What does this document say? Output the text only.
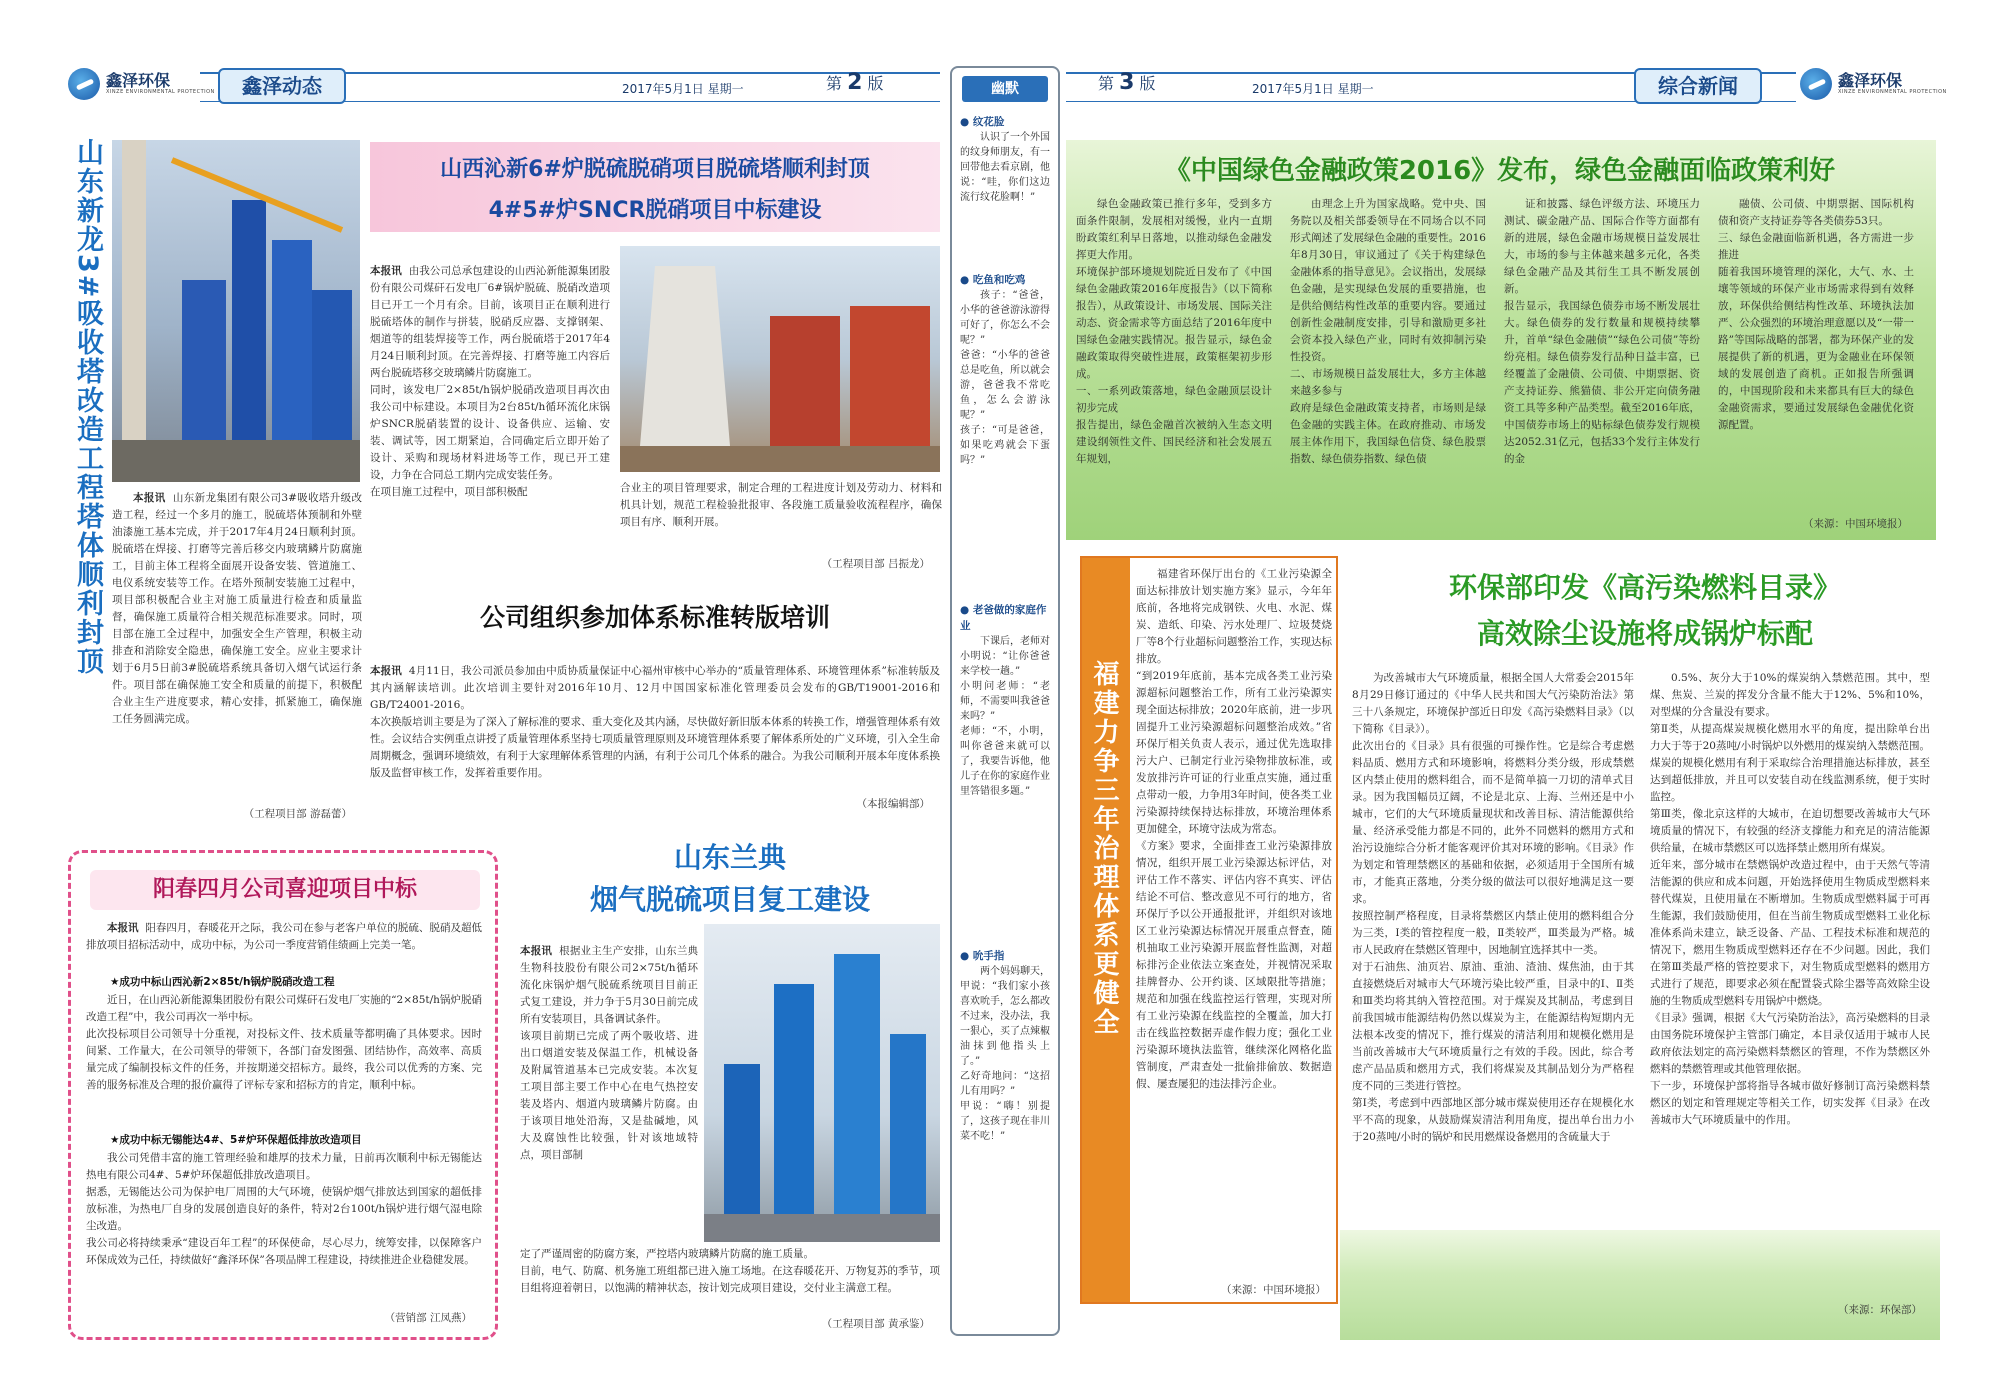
鑫泽环保
XINZE ENVIRONMENTAL PROTECTION	鑫泽动态	2017年5月1日 星期一	第 2 版	鑫泽环保
XINZE ENVIRONMENTAL PROTECTION
综合新闻
2017年5月1日 星期一
第 3 版
幽默
● 纹花脸
认识了一个外国的纹身师朋友，有一回带他去看京剧，他说：“哇，你们这边流行纹花脸啊！”
● 吃鱼和吃鸡
孩子：“爸爸，小华的爸爸游泳游得可好了，你怎么不会呢？”
爸爸：“小华的爸爸总是吃鱼，所以就会游，爸爸我不常吃鱼，怎么会游泳呢？”
孩子：“可是爸爸，如果吃鸡就会下蛋吗？”
● 老爸做的家庭作业
下课后，老师对小明说：“让你爸爸来学校一趟。”
小明问老师：“老师，不需要叫我爸爸来吗？”
老师：“不，小明，叫你爸爸来就可以了，我要告诉他，他儿子在你的家庭作业里答错很多题。”
● 吮手指
两个妈妈聊天，甲说：“我们家小孩喜欢吮手，怎么都改不过来，没办法，我一狠心，买了点辣椒油抹到他指头上了。”
乙好奇地问：“这招儿有用吗？”
甲说：“嗨！别提了，这孩子现在非川菜不吃！”
山东新龙3#吸收塔改造工程塔体顺利封顶	本报讯 山东新龙集团有限公司3#吸收塔升级改造工程，经过一个多月的施工，脱硫塔体预制和外壁油漆施工基本完成，并于2017年4月24日顺利封顶。脱硫塔在焊接、打磨等完善后移交内玻璃鳞片防腐施工，目前主体工程将全面展开设备安装、管道施工、电仪系统安装等工作。在塔外预制安装施工过程中，项目部积极配合业主对施工质量进行检查和质量监督，确保施工质量符合相关规范标准要求。同时，项目部在施工全过程中，加强安全生产管理，积极主动排查和消除安全隐患，确保施工安全。应业主要求计划于6月5日前3#脱硫塔系统具备切入烟气试运行条件。项目部在确保施工安全和质量的前提下，积极配合业主生产进度要求，精心安排，抓紧施工，确保施工任务圆满完成。
（工程项目部 游磊蕾）
山西沁新6#炉脱硫脱硝项目脱硫塔顺利封顶
4#5#炉SNCR脱硝项目中标建设

本报讯 由我公司总承包建设的山西沁新能源集团股份有限公司煤矸石发电厂6#锅炉脱硫、脱硝改造项目已开工一个月有余。目前，该项目正在顺利进行脱硫塔体的制作与拼装，脱硝反应器、支撑钢架、烟道等的组装焊接等工作，两台脱硫塔于2017年4月24日顺利封顶。在完善焊接、打磨等施工内容后两台脱硫塔移交玻璃鳞片防腐施工。
同时，该发电厂2×85t/h锅炉脱硝改造项目再次由我公司中标建设。本项目为2台85t/h循环流化床锅炉SNCR脱硝装置的设计、设备供应、运输、安装、调试等，因工期紧迫，合同确定后立即开始了设计、采购和现场材料进场等工作，现已开工建设，力争在合同总工期内完成安装任务。
在项目施工过程中，项目部积极配	合业主的项目管理要求，制定合理的工程进度计划及劳动力、材料和机具计划，规范工程检验批报审、各段施工质量验收流程程序，确保项目有序、顺利开展。
（工程项目部 吕振龙）
公司组织参加体系标准转版培训

本报讯 4月11日，我公司派员参加由中质协质量保证中心福州审核中心举办的“质量管理体系、环境管理体系”标准转版及其内涵解读培训。此次培训主要针对2016年10月、12月中国国家标准化管理委员会发布的GB/T19001-2016和GB/T24001-2016。
本次换版培训主要是为了深入了解标准的要求、重大变化及其内涵，尽快做好新旧版本体系的转换工作，增强管理体系有效性。会议结合实例重点讲授了质量管理体系坚持七项质量管理原则及环境管理体系要了解体系所处的广义环境，引入全生命周期概念，强调环境绩效，有利于大家理解体系管理的内涵，有利于公司几个体系的融合。为我公司顺利开展本年度体系换版及监督审核工作，发挥着重要作用。

（本报编辑部）
阳春四月公司喜迎项目中标
本报讯 阳春四月，春暖花开之际，我公司在参与老客户单位的脱硫、脱硝及超低排放项目招标活动中，成功中标，为公司一季度营销佳绩画上完美一笔。
★成功中标山西沁新2×85t/h锅炉脱硝改造工程
近日，在山西沁新能源集团股份有限公司煤矸石发电厂实施的“2×85t/h锅炉脱硝改造工程”中，我公司再次一举中标。
此次投标项目公司领导十分重视，对投标文件、技术质量等都明确了具体要求。因时间紧、工作量大，在公司领导的带领下，各部门奋发图强、团结协作，高效率、高质量完成了编制投标文件的任务，并按期递交招标方。最终，我公司以优秀的方案、完善的服务标准及合理的报价赢得了评标专家和招标方的肯定，顺利中标。
★成功中标无锡能达4#、5#炉环保超低排放改造项目
我公司凭借丰富的施工管理经验和雄厚的技术力量，日前再次顺利中标无锡能达热电有限公司4#、5#炉环保超低排放改造项目。
据悉，无锡能达公司为保护电厂周围的大气环境，使锅炉烟气排放达到国家的超低排放标准，为热电厂自身的发展创造良好的条件，特对2台100t/h锅炉进行烟气湿电除尘改造。
我公司必将持续秉承“建设百年工程”的环保使命，尽心尽力，统筹安排，以保障客户环保成效为己任，持续做好“鑫泽环保”各项品牌工程建设，持续推进企业稳健发展。
（营销部 江凤燕）
山东兰典
烟气脱硫项目复工建设

本报讯 根据业主生产安排，山东兰典生物科技股份有限公司2×75t/h循环流化床锅炉烟气脱硫系统项目目前正式复工建设，并力争于5月30日前完成所有安装项目，具备调试条件。
该项目前期已完成了两个吸收塔、进出口烟道安装及保温工作，机械设备及附属管道基本已完成安装。本次复工项目部主要工作中心在电气热控安装及塔内、烟道内玻璃鳞片防腐。由于该项目地处沿海，又是盐碱地，风大及腐蚀性比较强，针对该地域特点，项目部制

定了严谨周密的防腐方案，严控塔内玻璃鳞片防腐的施工质量。
目前，电气、防腐、机务施工班组都已进入施工场地。在这春暖花开、万物复苏的季节，项目组将迎着朝日，以饱满的精神状态，按计划完成项目建设，交付业主满意工程。
（工程项目部 黄承鉴）
《中国绿色金融政策2016》发布，绿色金融面临政策利好
绿色金融政策已推行多年，受到多方面条件限制，发展相对缓慢，业内一直期盼政策红利早日落地，以推动绿色金融发挥更大作用。
环境保护部环境规划院近日发布了《中国绿色金融政策2016年度报告》（以下简称报告），从政策设计、市场发展、国际关注动态、资金需求等方面总结了2016年度中国绿色金融实践情况。报告显示，绿色金融政策取得突破性进展，政策框架初步形成。
一、一系列政策落地，绿色金融顶层设计初步完成
报告提出，绿色金融首次被纳入生态文明建设纲领性文件、国民经济和社会发展五年规划，
由理念上升为国家战略。党中央、国务院以及相关部委领导在不同场合以不同形式阐述了发展绿色金融的重要性。2016年8月30日，审议通过了《关于构建绿色金融体系的指导意见》。会议指出，发展绿色金融，是实现绿色发展的重要措施，也是供给侧结构性改革的重要内容。要通过创新性金融制度安排，引导和激励更多社会资本投入绿色产业，同时有效抑制污染性投资。
二、市场规模日益发展壮大，多方主体越来越多参与
政府是绿色金融政策支持者，市场则是绿色金融的实践主体。在政府推动、市场发展主体作用下，我国绿色信贷、绿色股票指数、绿色债券指数、绿色债
证和披露、绿色评级方法、环境压力测试、碳金融产品、国际合作等方面都有新的进展，绿色金融市场规模日益发展壮大，市场的参与主体越来越多元化，各类绿色金融产品及其衍生工具不断发展创新。
报告显示，我国绿色债券市场不断发展壮大。绿色债券的发行数量和规模持续攀升，首单“绿色金融债”“绿色公司债”等纷纷亮相。绿色债券发行品种日益丰富，已经覆盖了金融债、公司债、中期票据、资产支持证券、熊猫债、非公开定向债务融资工具等多种产品类型。截至2016年底，中国债券市场上的贴标绿色债券发行规模达2052.31亿元，包括33个发行主体发行的金
融债、公司债、中期票据、国际机构债和资产支持证券等各类债券53只。
三、绿色金融面临新机遇，各方需进一步推进
随着我国环境管理的深化，大气、水、土壤等领域的环保产业市场需求得到有效释放，环保供给侧结构性改革、环境执法加严、公众强烈的环境治理意愿以及“一带一路”等国际战略的部署，都为环保产业的发展提供了新的机遇，更为金融业在环保领域的发展创造了商机。正如报告所强调的，中国现阶段和未来都具有巨大的绿色金融资需求，要通过发展绿色金融优化资源配置。
（来源：中国环境报）
福建力争三年治理体系更健全
福建省环保厅出台的《工业污染源全面达标排放计划实施方案》显示，今年年底前，各地将完成钢铁、火电、水泥、煤炭、造纸、印染、污水处理厂、垃圾焚烧厂等8个行业超标问题整治工作，实现达标排放。
“到2019年底前，基本完成各类工业污染源超标问题整治工作，所有工业污染源实现全面达标排放；2020年底前，进一步巩固提升工业污染源超标问题整治成效。”省环保厅相关负责人表示，通过优先选取排污大户、已制定行业污染物排放标准，或发放排污许可证的行业重点实施，通过重点带动一般，力争用3年时间，使各类工业污染源持续保持达标排放，环境治理体系更加健全，环境守法成为常态。
《方案》要求，全面排查工业污染源排放情况，组织开展工业污染源达标评估，对评估工作不落实、评估内容不真实、评估结论不可信、整改意见不可行的地方，省环保厅予以公开通报批评，并组织对该地区工业污染源达标情况开展重点督查，随机抽取工业污染源开展监督性监测，对超标排污企业依法立案查处，并视情况采取挂牌督办、公开约谈、区域限批等措施；规范和加强在线监控运行管理，实现对所有工业污染源在线监控的全覆盖，加大打击在线监控数据弄虚作假力度；强化工业污染源环境执法监管，继续深化网格化监管制度，严肃查处一批偷排偷放、数据造假、屡查屡犯的违法排污企业。
（来源：中国环境报）
环保部印发《高污染燃料目录》
高效除尘设施将成锅炉标配
为改善城市大气环境质量，根据全国人大常委会2015年8月29日修订通过的《中华人民共和国大气污染防治法》第三十八条规定，环境保护部近日印发《高污染燃料目录》（以下简称《目录》）。
此次出台的《目录》具有很强的可操作性。它是综合考虑燃料品质、燃用方式和环境影响，将燃料分类分级，形成禁燃区内禁止使用的燃料组合，而不是简单搞一刀切的清单式目录。因为我国幅员辽阔，不论是北京、上海、兰州还是中小城市，它们的大气环境质量现状和改善目标、清洁能源供给量、经济承受能力都是不同的，此外不同燃料的燃用方式和治污设施综合分析才能客观评价其对环境的影响。《目录》作为划定和管理禁燃区的基础和依据，必须适用于全国所有城市，才能真正落地，分类分级的做法可以很好地满足这一要求。
按照控制严格程度，目录将禁燃区内禁止使用的燃料组合分为三类，Ⅰ类的管控程度一般，Ⅱ类较严，Ⅲ类最为严格。城市人民政府在禁燃区管理中，因地制宜选择其中一类。
对于石油焦、油页岩、原油、重油、渣油、煤焦油，由于其直接燃烧后对城市大气环境污染比较严重，目录中的Ⅰ、Ⅱ类和Ⅲ类均将其纳入管控范围。对于煤炭及其制品，考虑到目前我国城市能源结构仍然以煤炭为主，在能源结构短期内无法根本改变的情况下，推行煤炭的清洁利用和规模化燃用是当前改善城市大气环境质量行之有效的手段。因此，综合考虑产品品质和燃用方式，我们将煤炭及其制品划分为严格程度不同的三类进行管控。
第Ⅰ类，考虑到中西部地区部分城市煤炭使用还存在规模化水平不高的现象，从鼓励煤炭清洁利用角度，提出单台出力小于20蒸吨/小时的锅炉和民用燃煤设备燃用的含硫量大于
0.5%、灰分大于10%的煤炭纳入禁燃范围。其中，型煤、焦炭、兰炭的挥发分含量不能大于12%、5%和10%，对型煤的分含量没有要求。
第Ⅱ类，从提高煤炭规模化燃用水平的角度，提出除单台出力大于等于20蒸吨/小时锅炉以外燃用的煤炭纳入禁燃范围。煤炭的规模化燃用有利于采取综合治理措施达标排放，甚至达到超低排放，并且可以安装自动在线监测系统，便于实时监控。
第Ⅲ类，像北京这样的大城市，在迫切想要改善城市大气环境质量的情况下，有较强的经济支撑能力和充足的清洁能源供给量，在城市禁燃区可以选择禁止燃用所有煤炭。
近年来，部分城市在禁燃锅炉改造过程中，由于天然气等清洁能源的供应和成本问题，开始选择使用生物质成型燃料来替代煤炭，且使用量在不断增加。生物质成型燃料属于可再生能源，我们鼓励使用，但在当前生物质成型燃料工业化标准体系尚未建立，缺乏设备、产品、工程技术标准和规范的情况下，燃用生物质成型燃料还存在不少问题。因此，我们在第Ⅲ类最严格的管控要求下，对生物质成型燃料的燃用方式进行了规范，即要求必须在配置袋式除尘器等高效除尘设施的生物质成型燃料专用锅炉中燃烧。
《目录》强调，根据《大气污染防治法》，高污染燃料的目录由国务院环境保护主管部门确定，本目录仅适用于城市人民政府依法划定的高污染燃料禁燃区的管理，不作为禁燃区外燃料的禁燃管理或其他管理依据。
下一步，环境保护部将指导各城市做好修制订高污染燃料禁燃区的划定和管理规定等相关工作，切实发挥《目录》在改善城市大气环境质量中的作用。
（来源：环保部）
